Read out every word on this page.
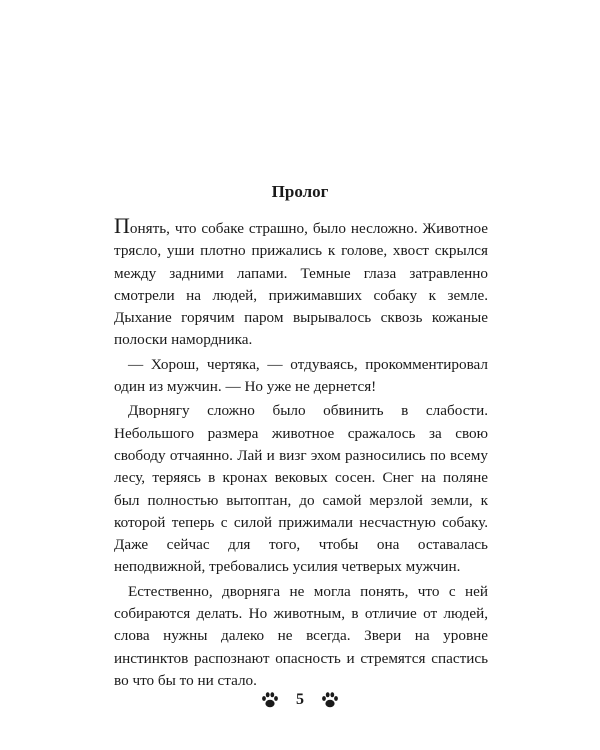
Пролог

Понять, что собаке страшно, было несложно. Животное трясло, уши плотно прижались к голове, хвост скрылся между задними лапами. Темные глаза затравленно смотрели на людей, прижимавших собаку к земле. Дыхание горячим паром вырывалось сквозь кожаные полоски намордника.

— Хорош, чертяка, — отдуваясь, прокомментировал один из мужчин. — Но уже не дернется!

Дворнягу сложно было обвинить в слабости. Небольшого размера животное сражалось за свою свободу отчаянно. Лай и визг эхом разносились по всему лесу, теряясь в кронах вековых сосен. Снег на поляне был полностью вытоптан, до самой мерзлой земли, к которой теперь с силой прижимали несчастную собаку. Даже сейчас для того, чтобы она оставалась неподвижной, требовались усилия четверых мужчин.

Естественно, дворняга не могла понять, что с ней собираются делать. Но животным, в отличие от людей, слова нужны далеко не всегда. Звери на уровне инстинктов распознают опасность и стремятся спастись во что бы то ни стало.

5
